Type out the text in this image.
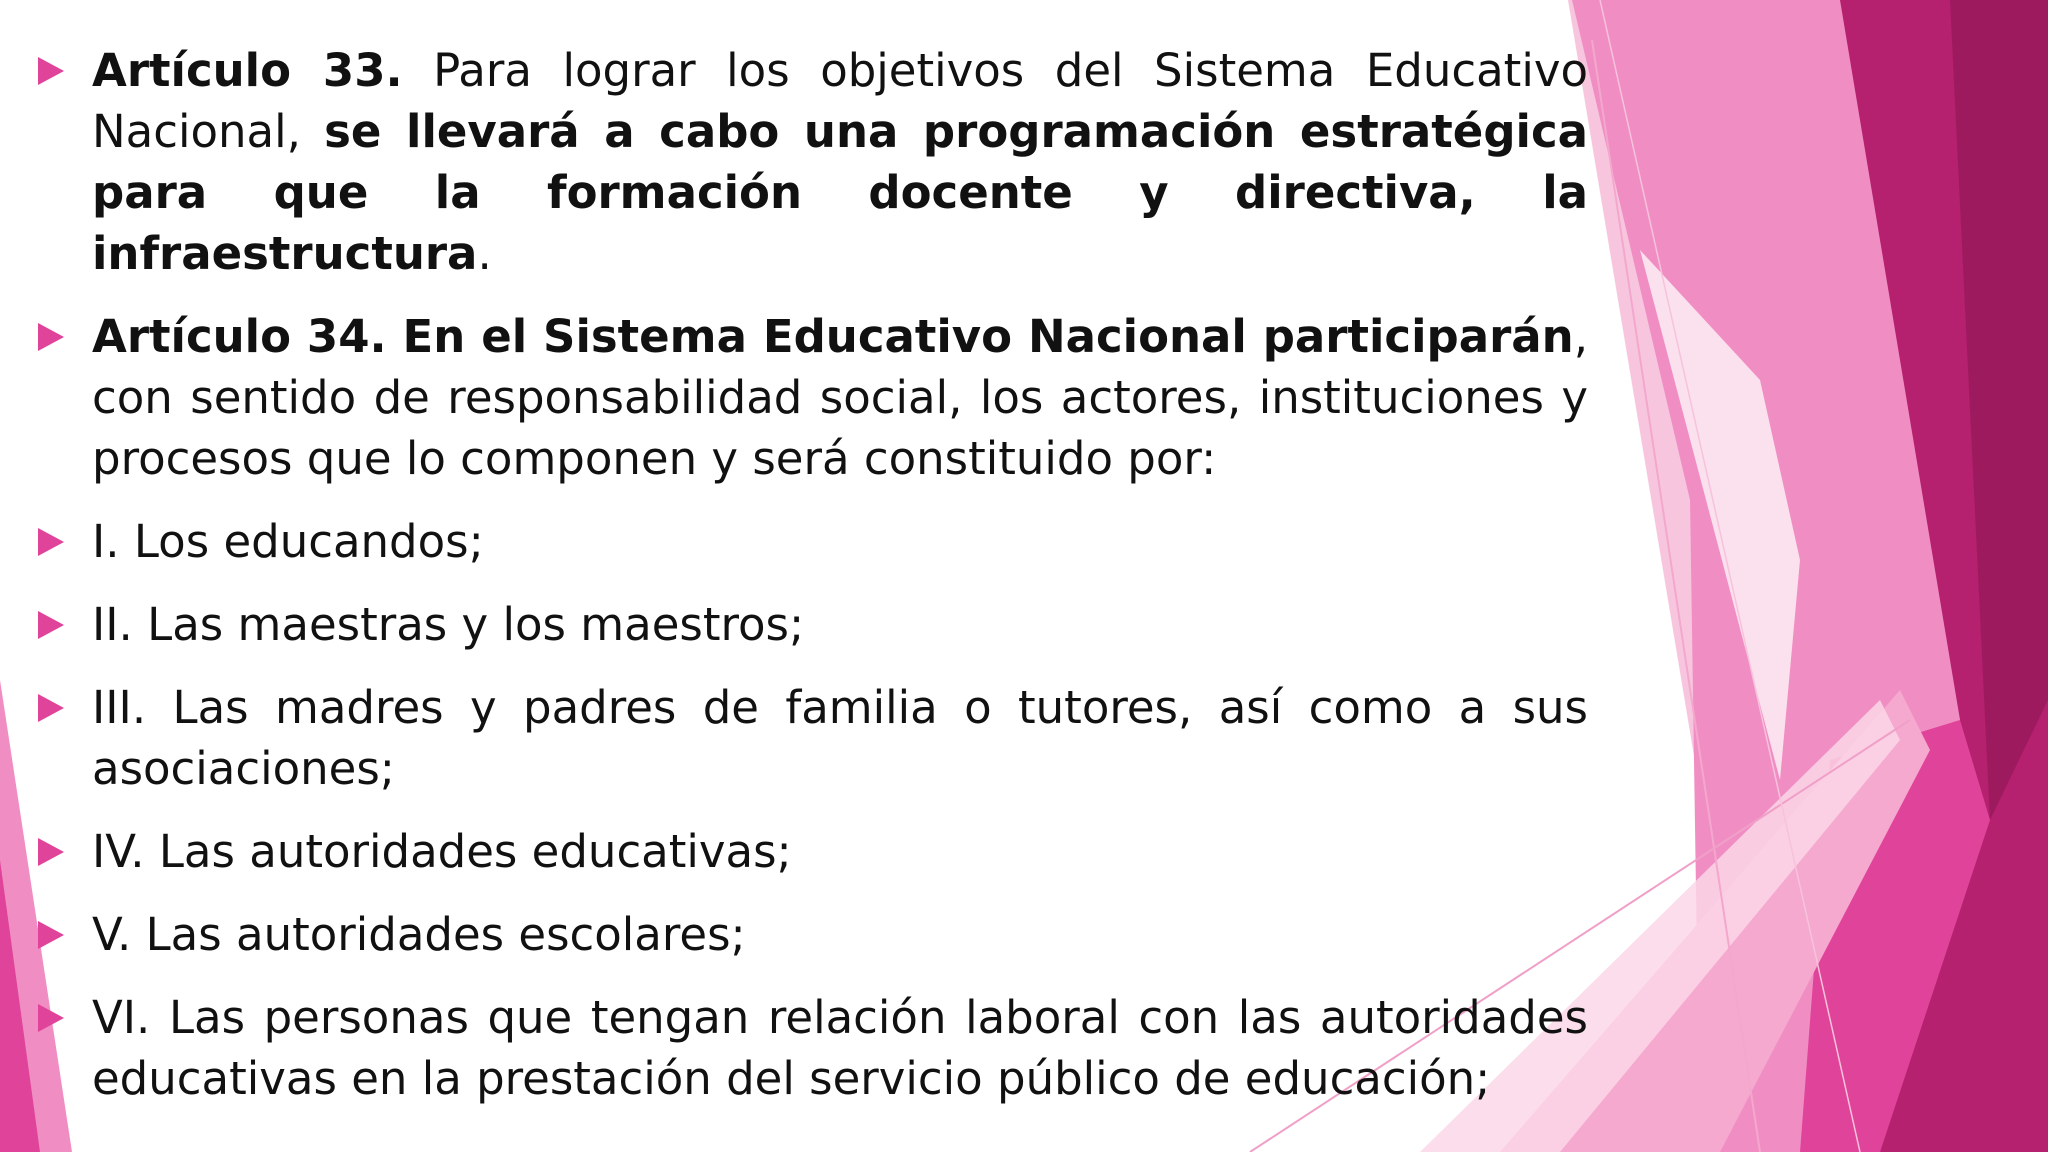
Artículo 33. Para lograr los objetivos del Sistema Educativo Nacional, se llevará a cabo una programación estratégica para que la formación docente y directiva, la infraestructura.
Artículo 34. En el Sistema Educativo Nacional participarán, con sentido de responsabilidad social, los actores, instituciones y procesos que lo componen y será constituido por:
I. Los educandos;
II. Las maestras y los maestros;
III. Las madres y padres de familia o tutores, así como a sus asociaciones;
IV. Las autoridades educativas;
V. Las autoridades escolares;
VI. Las personas que tengan relación laboral con las autoridades educativas en la prestación del servicio público de educación;
